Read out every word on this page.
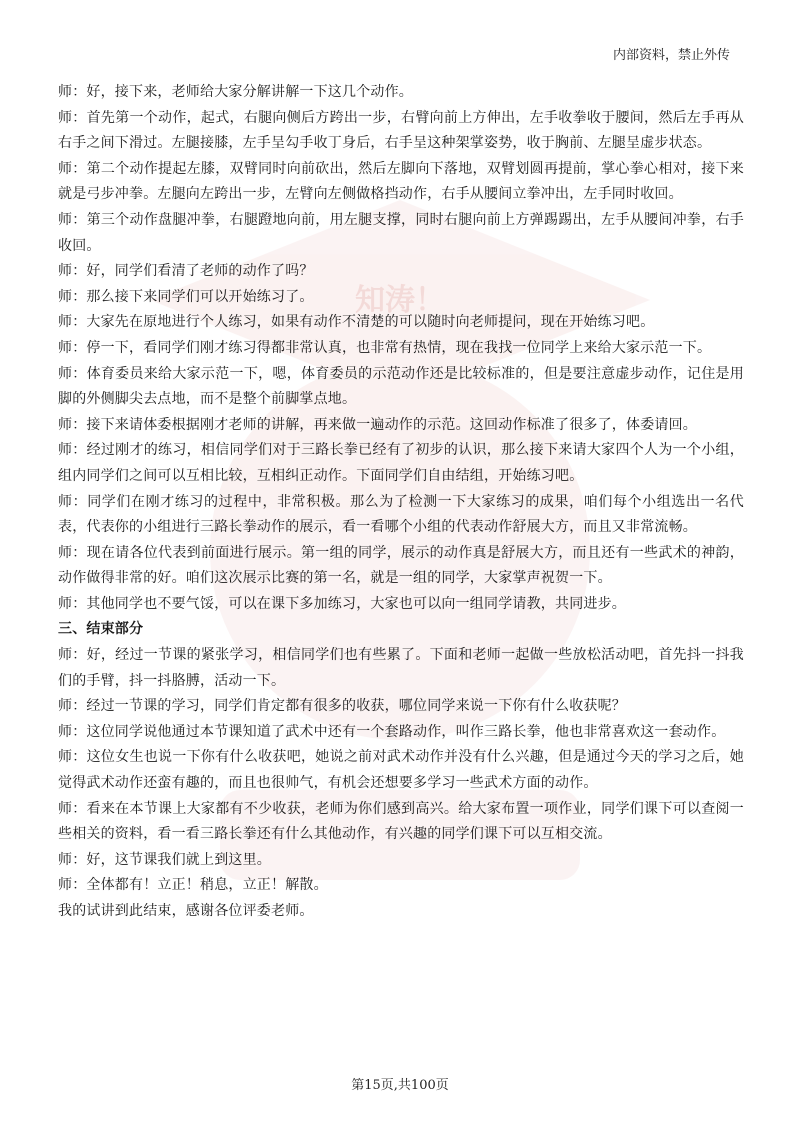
内部资料，禁止外传
知涛！

师：好，接下来，老师给大家分解讲解一下这几个动作。

师：首先第一个动作，起式，右腿向侧后方跨出一步，右臂向前上方伸出，左手收拳收于腰间，然后左手再从右手之间下滑过。左腿接膝，左手呈勾手收丁身后，右手呈这种架掌姿势，收于胸前、左腿呈虚步状态。

师：第二个动作提起左膝，双臂同时向前砍出，然后左脚向下落地，双臂划圆再提前，掌心拳心相对，接下来就是弓步冲拳。左腿向左跨出一步，左臂向左侧做格挡动作，右手从腰间立拳冲出，左手同时收回。

师：第三个动作盘腿冲拳，右腿蹬地向前，用左腿支撑，同时右腿向前上方弹踢踢出，左手从腰间冲拳，右手收回。

师：好，同学们看清了老师的动作了吗？

师：那么接下来同学们可以开始练习了。

师：大家先在原地进行个人练习，如果有动作不清楚的可以随时向老师提问，现在开始练习吧。

师：停一下，看同学们刚才练习得都非常认真，也非常有热情，现在我找一位同学上来给大家示范一下。

师：体育委员来给大家示范一下，嗯，体育委员的示范动作还是比较标准的，但是要注意虚步动作，记住是用脚的外侧脚尖去点地，而不是整个前脚掌点地。

师：接下来请体委根据刚才老师的讲解，再来做一遍动作的示范。这回动作标准了很多了，体委请回。

师：经过刚才的练习，相信同学们对于三路长拳已经有了初步的认识，那么接下来请大家四个人为一个小组，组内同学们之间可以互相比较，互相纠正动作。下面同学们自由结组，开始练习吧。

师：同学们在刚才练习的过程中，非常积极。那么为了检测一下大家练习的成果，咱们每个小组选出一名代表，代表你的小组进行三路长拳动作的展示，看一看哪个小组的代表动作舒展大方，而且又非常流畅。

师：现在请各位代表到前面进行展示。第一组的同学，展示的动作真是舒展大方，而且还有一些武术的神韵，动作做得非常的好。咱们这次展示比赛的第一名，就是一组的同学，大家掌声祝贺一下。

师：其他同学也不要气馁，可以在课下多加练习，大家也可以向一组同学请教，共同进步。

三、结束部分

师：好，经过一节课的紧张学习，相信同学们也有些累了。下面和老师一起做一些放松活动吧，首先抖一抖我们的手臂，抖一抖胳膊，活动一下。

师：经过一节课的学习，同学们肯定都有很多的收获，哪位同学来说一下你有什么收获呢？

师：这位同学说他通过本节课知道了武术中还有一个套路动作，叫作三路长拳，他也非常喜欢这一套动作。

师：这位女生也说一下你有什么收获吧，她说之前对武术动作并没有什么兴趣，但是通过今天的学习之后，她觉得武术动作还蛮有趣的，而且也很帅气，有机会还想要多学习一些武术方面的动作。

师：看来在本节课上大家都有不少收获，老师为你们感到高兴。给大家布置一项作业，同学们课下可以查阅一些相关的资料，看一看三路长拳还有什么其他动作，有兴趣的同学们课下可以互相交流。

师：好，这节课我们就上到这里。

师：全体都有！立正！稍息，立正！解散。

我的试讲到此结束，感谢各位评委老师。

第15页,共100页
